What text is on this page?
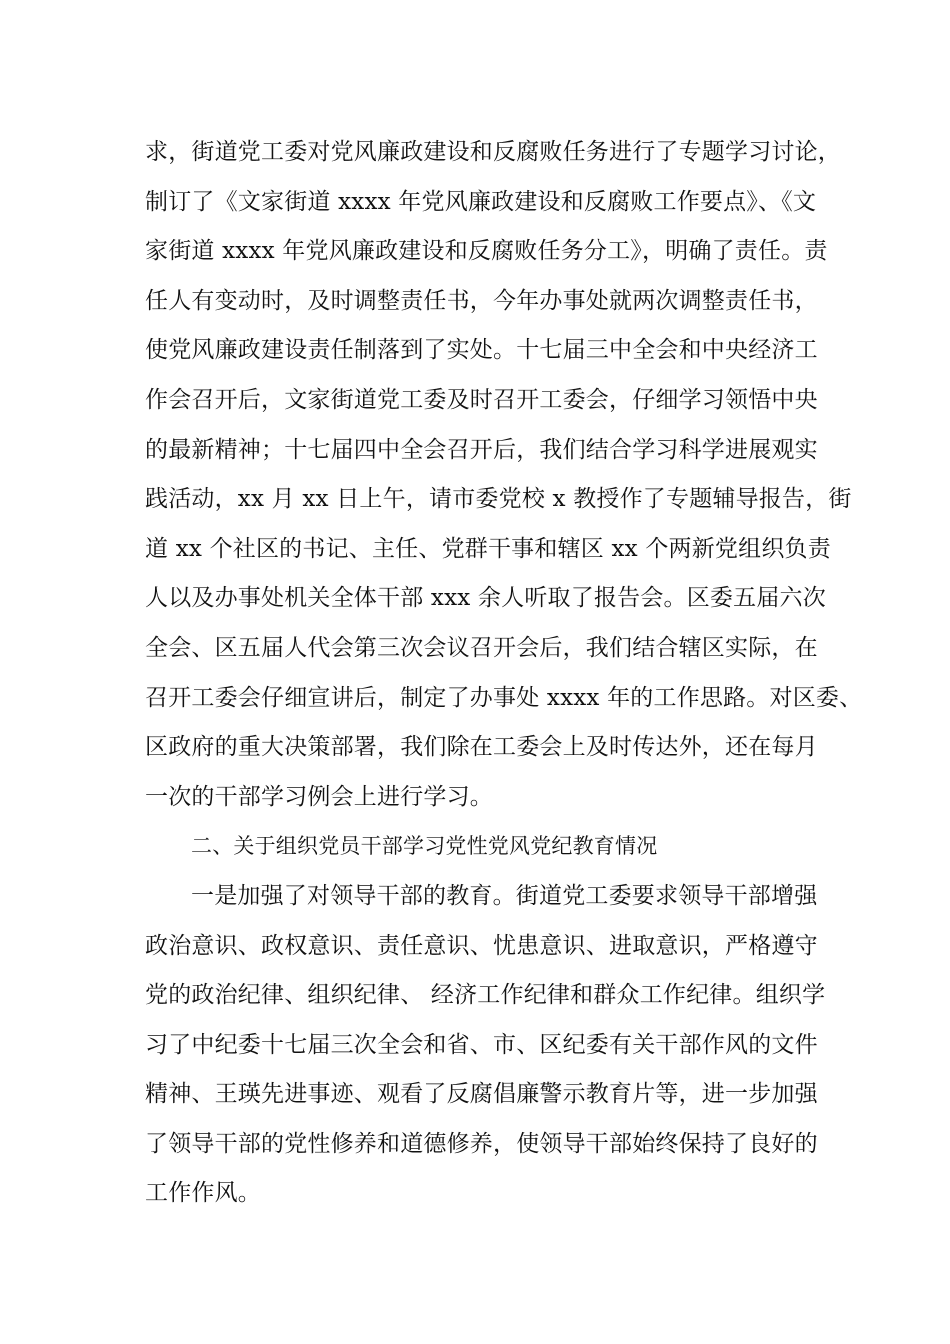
求，街道党工委对党风廉政建设和反腐败任务进行了专题学习讨论，
制订了《文家街道 xxxx 年党风廉政建设和反腐败工作要点》、《文
家街道 xxxx 年党风廉政建设和反腐败任务分工》，明确了责任。责
任人有变动时，及时调整责任书，今年办事处就两次调整责任书，
使党风廉政建设责任制落到了实处。十七届三中全会和中央经济工
作会召开后，文家街道党工委及时召开工委会，仔细学习领悟中央
的最新精神；十七届四中全会召开后，我们结合学习科学进展观实
践活动，xx 月 xx 日上午，请市委党校 x 教授作了专题辅导报告，街
道 xx 个社区的书记、主任、党群干事和辖区 xx 个两新党组织负责
人以及办事处机关全体干部 xxx 余人听取了报告会。区委五届六次
全会、区五届人代会第三次会议召开会后，我们结合辖区实际，在
召开工委会仔细宣讲后，制定了办事处 xxxx 年的工作思路。对区委、
区政府的重大决策部署，我们除在工委会上及时传达外，还在每月
一次的干部学习例会上进行学习。
二、关于组织党员干部学习党性党风党纪教育情况
一是加强了对领导干部的教育。街道党工委要求领导干部增强
政治意识、政权意识、责任意识、忧患意识、进取意识，严格遵守
党的政治纪律、组织纪律、 经济工作纪律和群众工作纪律。组织学
习了中纪委十七届三次全会和省、市、区纪委有关干部作风的文件
精神、王瑛先进事迹、观看了反腐倡廉警示教育片等，进一步加强
了领导干部的党性修养和道德修养，使领导干部始终保持了良好的
工作作风。
